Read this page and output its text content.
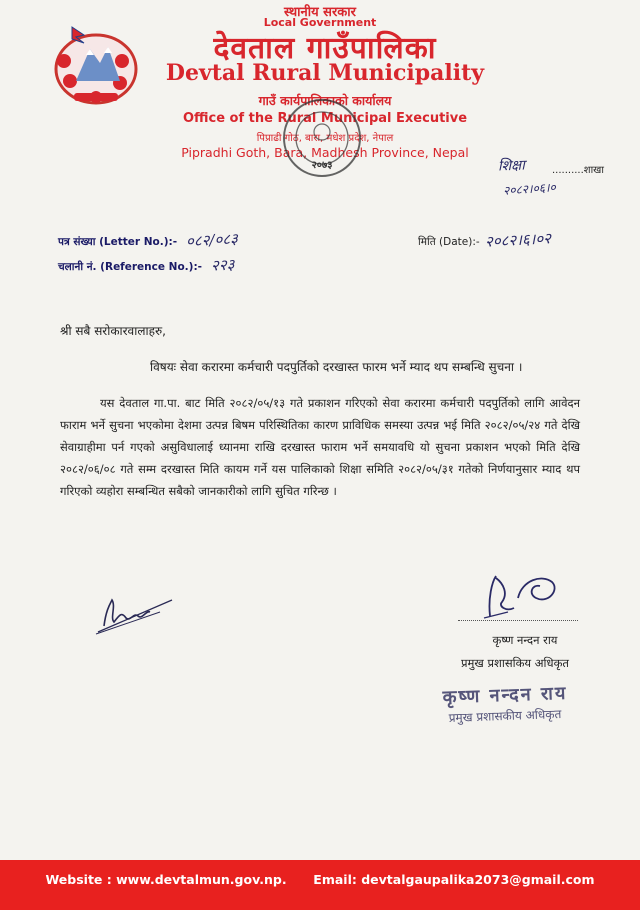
स्थानीय सरकार
Local Government
देवताल गाउँपालिका
Devtal Rural Municipality
गाउँ कार्यपालिकाको कार्यालय
Office of the Rural Municipal Executive
पिप्राढी गोठ, बारा, मधेश प्रदेश, नेपाल
Pipradhi Goth, Bara, Madhesh Province, Nepal
२०७३	शिक्षा	..........शाखा
२०८२।०६।०
पत्र संख्या (Letter No.):- ०८२/०८३	मिति (Date):- २०८२।६।०२
चलानी नं. (Reference No.):- २२३
श्री सबै सरोकारवालाहरु,
विषयः सेवा करारमा कर्मचारी पदपुर्तिको दरखास्त फारम भर्ने म्याद थप सम्बन्धि सुचना ।
यस देवताल गा.पा. बाट मिति २०८२/०५/१३ गते प्रकाशन गरिएको सेवा करारमा कर्मचारी पदपुर्तिको लागि आवेदन फाराम भर्ने सुचना भएकोमा देशमा उत्पन्न बिषम परिस्थितिका कारण प्राविधिक समस्या उत्पन्न भई मिति २०८२/०५/२४ गते देखि सेवाग्राहीमा पर्न गएको असुविधालाई ध्यानमा राखि दरखास्त फाराम भर्ने समयावधि यो सुचना प्रकाशन भएको मिति देखि २०८२/०६/०८ गते सम्म दरखास्त मिति कायम गर्ने यस पालिकाको शिक्षा समिति २०८२/०५/३१ गतेको निर्णयानुसार म्याद थप गरिएको व्यहोरा सम्बन्धित सबैको जानकारीको लागि सुचित गरिन्छ ।
कृष्ण नन्दन राय
प्रमुख प्रशासकिय अधिकृत
कृष्ण नन्दन राय
प्रमुख प्रशासकीय अधिकृत
Website : www.devtalmun.gov.np. Email: devtalgaupalika2073@gmail.com
